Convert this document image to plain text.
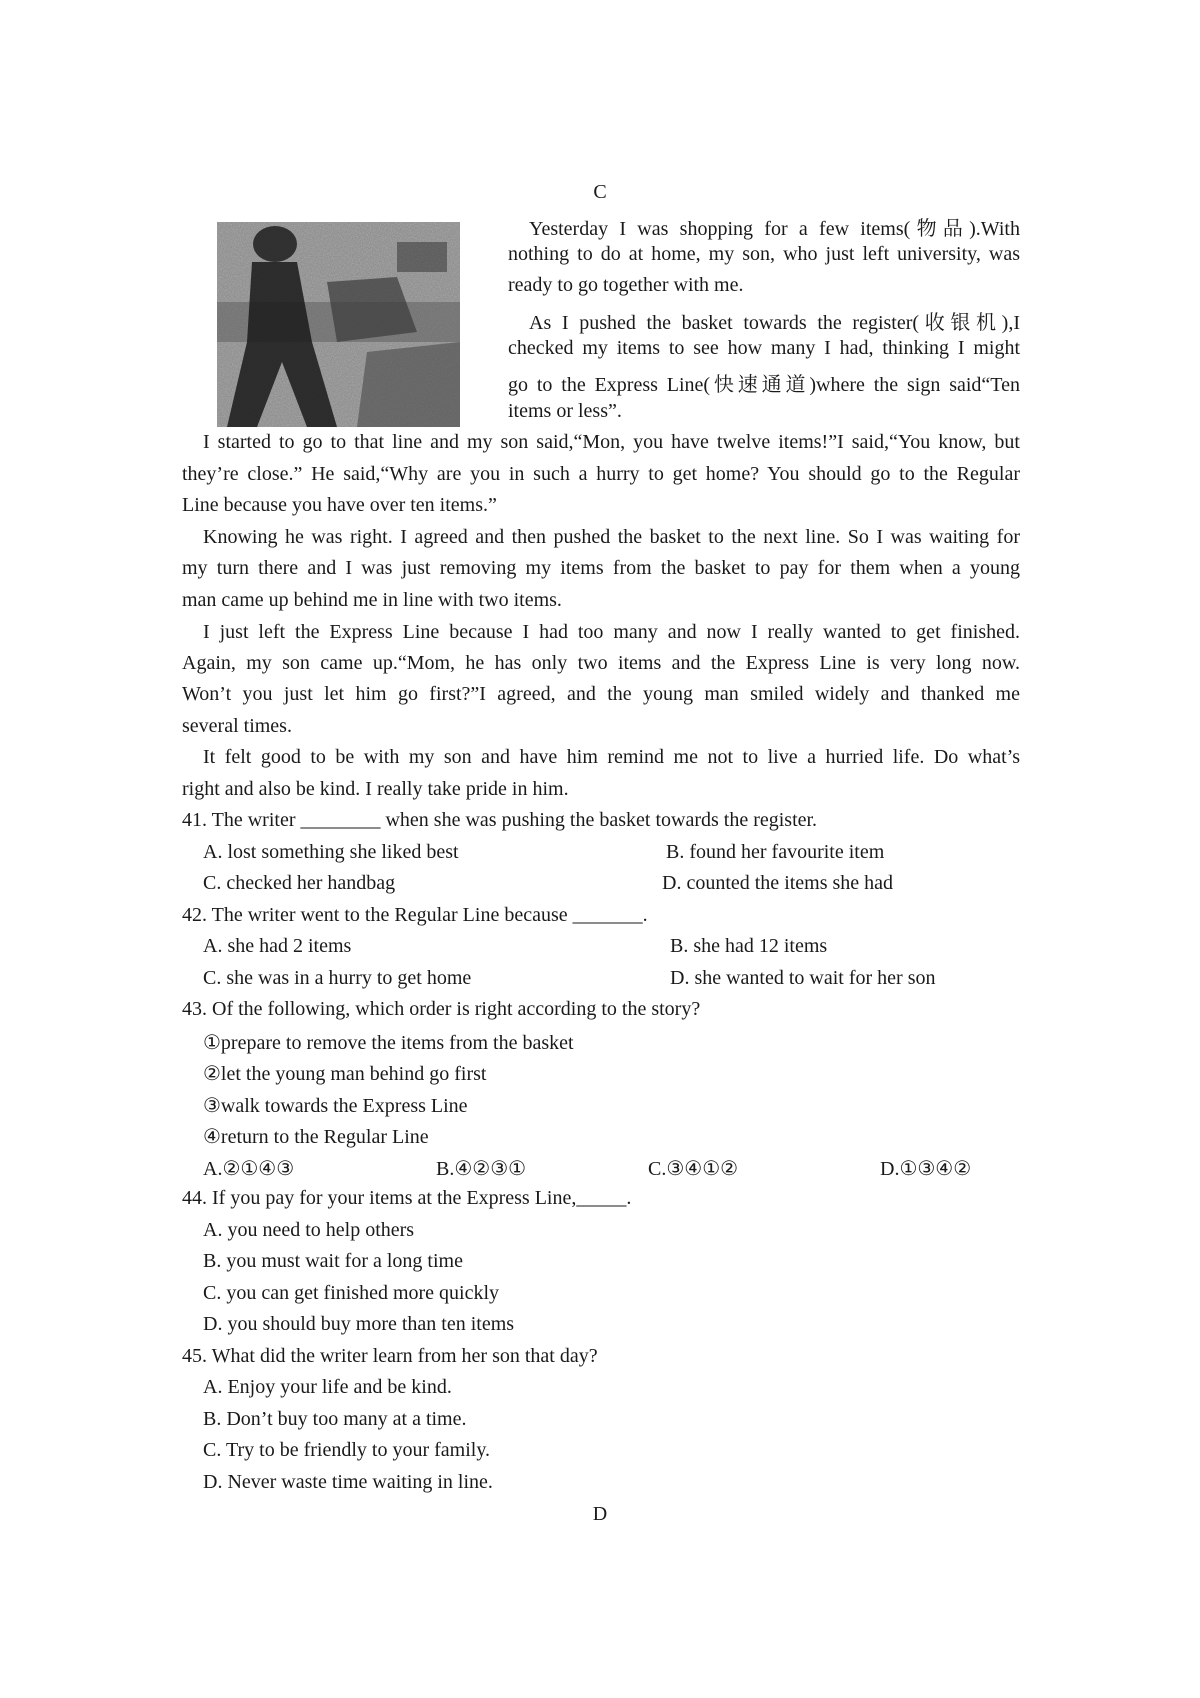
C
Yesterday I was shopping for a few items(物品).With
nothing to do at home, my son, who just left university, was
ready to go together with me.
As I pushed the basket towards the register(收银机),I
checked my items to see how many I had, thinking I might
go to the Express Line(快速通道)where the sign said“Ten
items or less”.
I started to go to that line and my son said,“Mon, you have twelve items!”I said,“You know, but
they’re close.” He said,“Why are you in such a hurry to get home? You should go to the Regular
Line because you have over ten items.”
Knowing he was right. I agreed and then pushed the basket to the next line. So I was waiting for
my turn there and I was just removing my items from the basket to pay for them when a young
man came up behind me in line with two items.
I just left the Express Line because I had too many and now I really wanted to get finished.
Again, my son came up.“Mom, he has only two items and the Express Line is very long now.
Won’t you just let him go first?”I agreed, and the young man smiled widely and thanked me
several times.
It felt good to be with my son and have him remind me not to live a hurried life. Do what’s
right and also be kind. I really take pride in him.
41. The writer ________ when she was pushing the basket towards the register.
A. lost something she liked best	B. found her favourite item
C. checked her handbag	D. counted the items she had
42. The writer went to the Regular Line because _______.
A. she had 2 items	B. she had 12 items
C. she was in a hurry to get home	D. she wanted to wait for her son
43. Of the following, which order is right according to the story?
①prepare to remove the items from the basket
②let the young man behind go first
③walk towards the Express Line
④return to the Regular Line
A.②①④③	B.④②③①	C.③④①②	D.①③④②
44. If you pay for your items at the Express Line,_____.
A. you need to help others
B. you must wait for a long time
C. you can get finished more quickly
D. you should buy more than ten items
45. What did the writer learn from her son that day?
A. Enjoy your life and be kind.
B. Don’t buy too many at a time.
C. Try to be friendly to your family.
D. Never waste time waiting in line.
D
